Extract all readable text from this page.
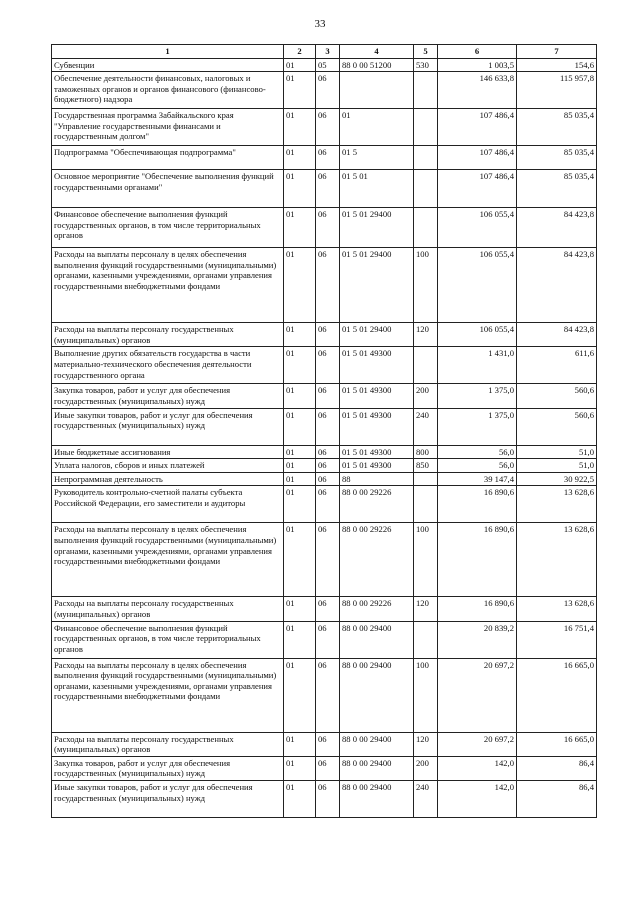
33
1	2	3	4	5	6	7
Субвенции	01	05	88 0 00 51200	530	1 003,5	154,6
Обеспечение деятельности финансовых, налоговых и таможенных органов и органов финансового (финансово-бюджетного) надзора	01	06			146 633,8	115 957,8
Государственная программа Забайкальского края "Управление государственными финансами и государственным долгом"	01	06	01		107 486,4	85 035,4
Подпрограмма "Обеспечивающая подпрограмма"	01	06	01 5		107 486,4	85 035,4
Основное мероприятие "Обеспечение выполнения функций государственными органами"	01	06	01 5 01		107 486,4	85 035,4
Финансовое обеспечение выполнения функций государственных органов, в том числе территориальных органов	01	06	01 5 01 29400		106 055,4	84 423,8
Расходы на выплаты персоналу в целях обеспечения выполнения функций государственными (муниципальными) органами, казенными учреждениями, органами управления государственными внебюджетными фондами	01	06	01 5 01 29400	100	106 055,4	84 423,8
Расходы на выплаты персоналу государственных (муниципальных) органов	01	06	01 5 01 29400	120	106 055,4	84 423,8
Выполнение других обязательств государства в части материально-технического обеспечения деятельности государственного органа	01	06	01 5 01 49300		1 431,0	611,6
Закупка товаров, работ и услуг для обеспечения государственных (муниципальных) нужд	01	06	01 5 01 49300	200	1 375,0	560,6
Иные закупки товаров, работ и услуг для обеспечения государственных (муниципальных) нужд	01	06	01 5 01 49300	240	1 375,0	560,6
Иные бюджетные ассигнования	01	06	01 5 01 49300	800	56,0	51,0
Уплата налогов, сборов и иных платежей	01	06	01 5 01 49300	850	56,0	51,0
Непрограммная деятельность	01	06	88		39 147,4	30 922,5
Руководитель контрольно-счетной палаты субъекта Российской Федерации, его заместители и аудиторы	01	06	88 0 00 29226		16 890,6	13 628,6
Расходы на выплаты персоналу в целях обеспечения выполнения функций государственными (муниципальными) органами, казенными учреждениями, органами управления государственными внебюджетными фондами	01	06	88 0 00 29226	100	16 890,6	13 628,6
Расходы на выплаты персоналу государственных (муниципальных) органов	01	06	88 0 00 29226	120	16 890,6	13 628,6
Финансовое обеспечение выполнения функций государственных органов, в том числе территориальных органов	01	06	88 0 00 29400		20 839,2	16 751,4
Расходы на выплаты персоналу в целях обеспечения выполнения функций государственными (муниципальными) органами, казенными учреждениями, органами управления государственными внебюджетными фондами	01	06	88 0 00 29400	100	20 697,2	16 665,0
Расходы на выплаты персоналу государственных (муниципальных) органов	01	06	88 0 00 29400	120	20 697,2	16 665,0
Закупка товаров, работ и услуг для обеспечения государственных (муниципальных) нужд	01	06	88 0 00 29400	200	142,0	86,4
Иные закупки товаров, работ и услуг для обеспечения государственных (муниципальных) нужд	01	06	88 0 00 29400	240	142,0	86,4
